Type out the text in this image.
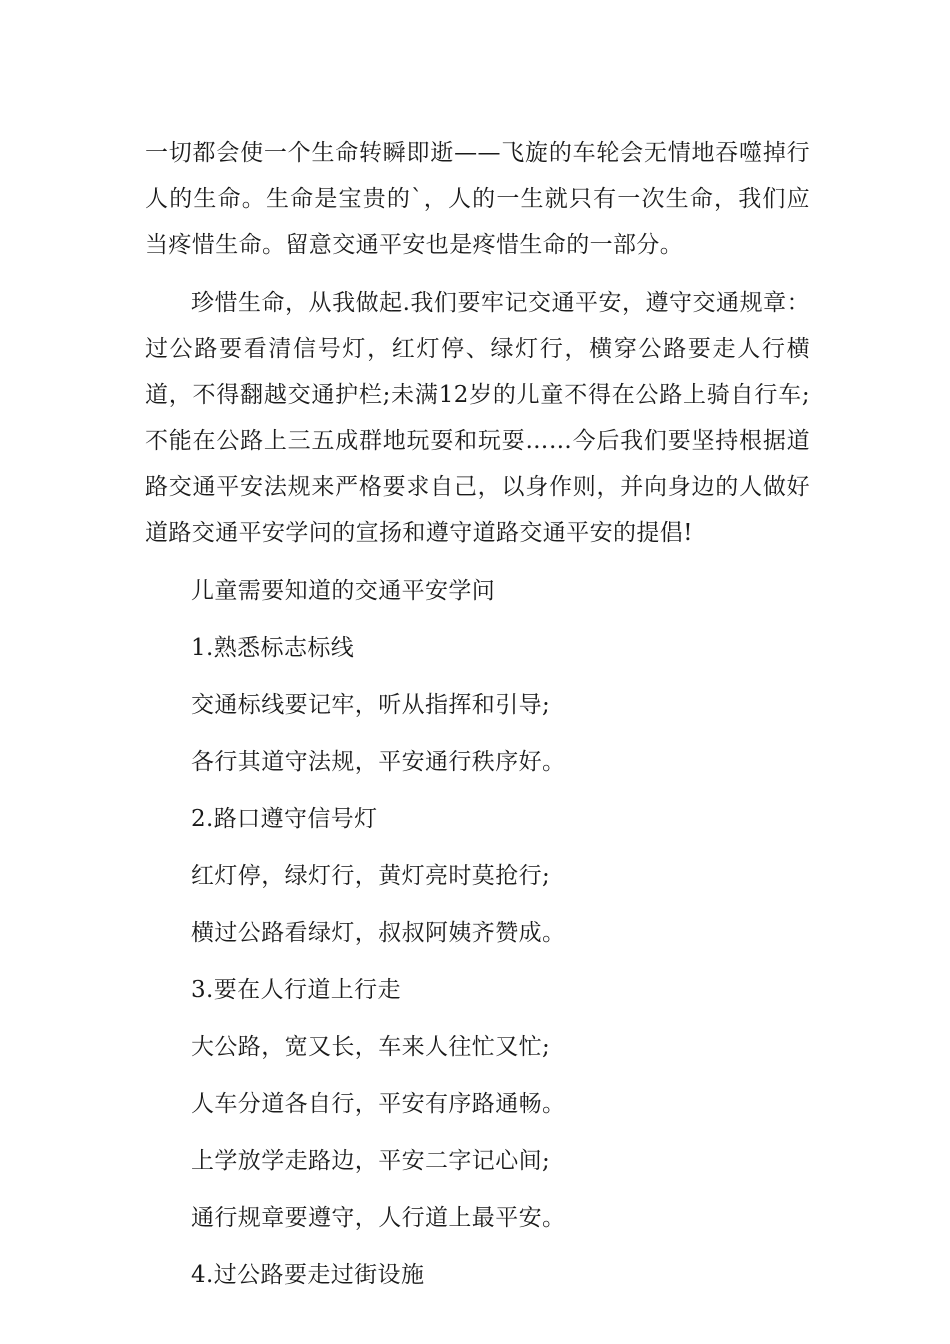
一切都会使一个生命转瞬即逝——飞旋的车轮会无情地吞噬掉行人的生命。生命是宝贵的`，人的一生就只有一次生命，我们应当疼惜生命。留意交通平安也是疼惜生命的一部分。

珍惜生命，从我做起.我们要牢记交通平安，遵守交通规章：过公路要看清信号灯，红灯停、绿灯行，横穿公路要走人行横道，不得翻越交通护栏;未满12岁的儿童不得在公路上骑自行车;不能在公路上三五成群地玩耍和玩耍……今后我们要坚持根据道路交通平安法规来严格要求自己，以身作则，并向身边的人做好道路交通平安学问的宣扬和遵守道路交通平安的提倡!

儿童需要知道的交通平安学问

1.熟悉标志标线

交通标线要记牢，听从指挥和引导;

各行其道守法规，平安通行秩序好。

2.路口遵守信号灯

红灯停，绿灯行，黄灯亮时莫抢行;

横过公路看绿灯，叔叔阿姨齐赞成。

3.要在人行道上行走

大公路，宽又长，车来人往忙又忙;

人车分道各自行，平安有序路通畅。

上学放学走路边，平安二字记心间;

通行规章要遵守，人行道上最平安。

4.过公路要走过街设施
